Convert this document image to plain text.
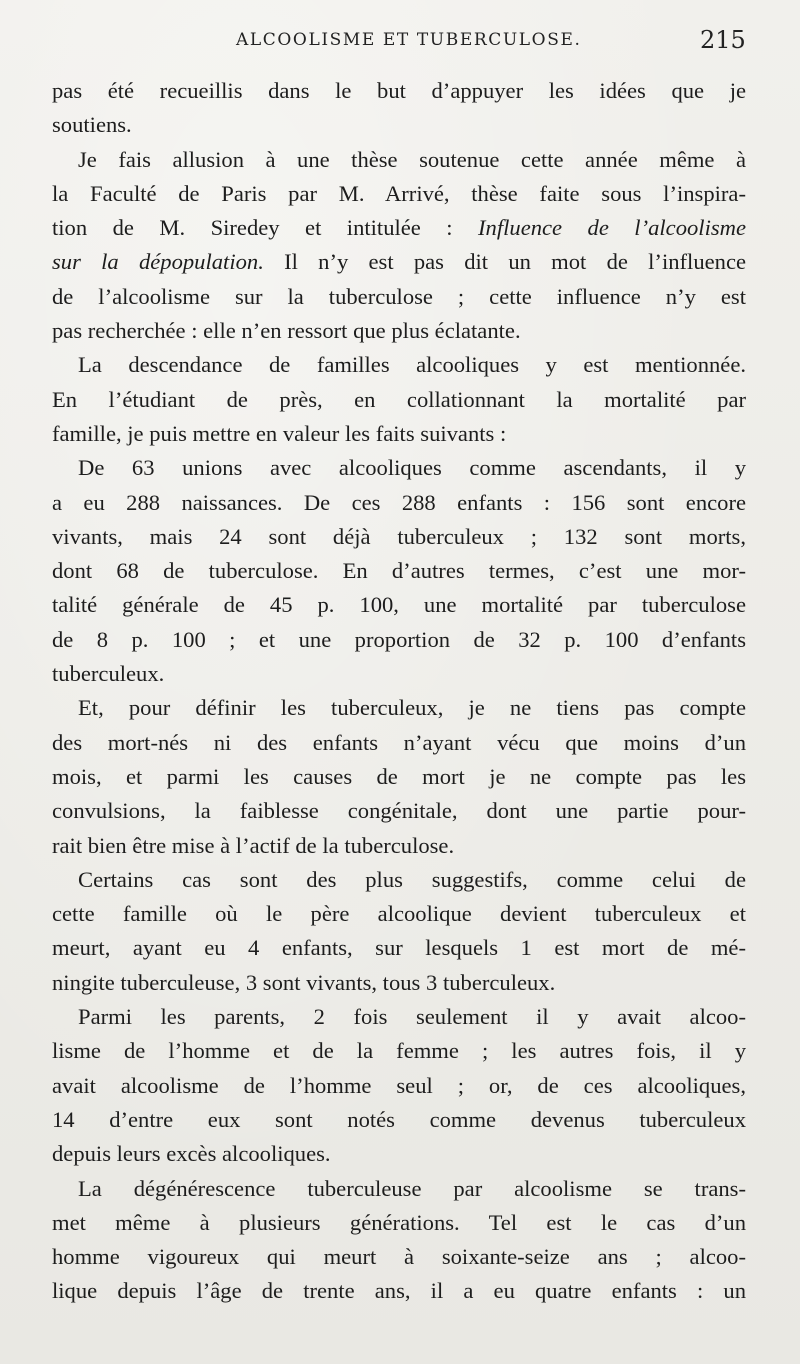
ALCOOLISME ET TUBERCULOSE.	215
pas été recueillis dans le but d’appuyer les idées que je
soutiens.
Je fais allusion à une thèse soutenue cette année même à
la Faculté de Paris par M. Arrivé, thèse faite sous l’inspira-
tion de M. Siredey et intitulée : Influence de l’alcoolisme
sur la dépopulation. Il n’y est pas dit un mot de l’influence
de l’alcoolisme sur la tuberculose ; cette influence n’y est
pas recherchée : elle n’en ressort que plus éclatante.
La descendance de familles alcooliques y est mentionnée.
En l’étudiant de près, en collationnant la mortalité par
famille, je puis mettre en valeur les faits suivants :
De 63 unions avec alcooliques comme ascendants, il y
a eu 288 naissances. De ces 288 enfants : 156 sont encore
vivants, mais 24 sont déjà tuberculeux ; 132 sont morts,
dont 68 de tuberculose. En d’autres termes, c’est une mor-
talité générale de 45 p. 100, une mortalité par tuberculose
de 8 p. 100 ; et une proportion de 32 p. 100 d’enfants
tuberculeux.
Et, pour définir les tuberculeux, je ne tiens pas compte
des mort-nés ni des enfants n’ayant vécu que moins d’un
mois, et parmi les causes de mort je ne compte pas les
convulsions, la faiblesse congénitale, dont une partie pour-
rait bien être mise à l’actif de la tuberculose.
Certains cas sont des plus suggestifs, comme celui de
cette famille où le père alcoolique devient tuberculeux et
meurt, ayant eu 4 enfants, sur lesquels 1 est mort de mé-
ningite tuberculeuse, 3 sont vivants, tous 3 tuberculeux.
Parmi les parents, 2 fois seulement il y avait alcoo-
lisme de l’homme et de la femme ; les autres fois, il y
avait alcoolisme de l’homme seul ; or, de ces alcooliques,
14 d’entre eux sont notés comme devenus tuberculeux
depuis leurs excès alcooliques.
La dégénérescence tuberculeuse par alcoolisme se trans-
met même à plusieurs générations. Tel est le cas d’un
homme vigoureux qui meurt à soixante-seize ans ; alcoo-
lique depuis l’âge de trente ans, il a eu quatre enfants : un
